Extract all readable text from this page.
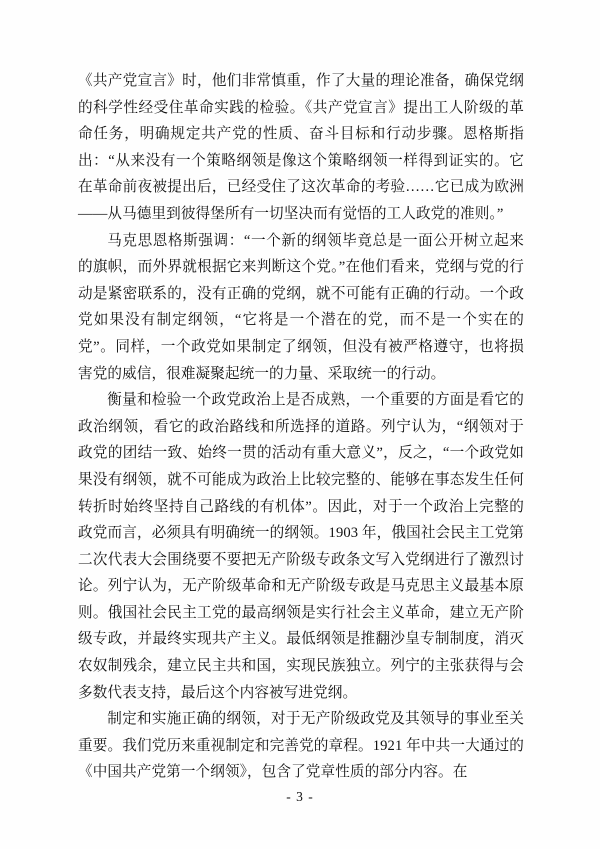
《共产党宣言》时，他们非常慎重，作了大量的理论准备，确保党纲的科学性经受住革命实践的检验。《共产党宣言》提出工人阶级的革命任务，明确规定共产党的性质、奋斗目标和行动步骤。恩格斯指出：“从来没有一个策略纲领是像这个策略纲领一样得到证实的。它在革命前夜被提出后，已经受住了这次革命的考验……它已成为欧洲——从马德里到彼得堡所有一切坚决而有觉悟的工人政党的准则。”

马克思恩格斯强调：“一个新的纲领毕竟总是一面公开树立起来的旗帜，而外界就根据它来判断这个党。”在他们看来，党纲与党的行动是紧密联系的，没有正确的党纲，就不可能有正确的行动。一个政党如果没有制定纲领，“它将是一个潜在的党，而不是一个实在的党”。同样，一个政党如果制定了纲领，但没有被严格遵守，也将损害党的威信，很难凝聚起统一的力量、采取统一的行动。

衡量和检验一个政党政治上是否成熟，一个重要的方面是看它的政治纲领，看它的政治路线和所选择的道路。列宁认为，“纲领对于政党的团结一致、始终一贯的活动有重大意义”，反之，“一个政党如果没有纲领，就不可能成为政治上比较完整的、能够在事态发生任何转折时始终坚持自己路线的有机体”。因此，对于一个政治上完整的政党而言，必须具有明确统一的纲领。1903 年，俄国社会民主工党第二次代表大会围绕要不要把无产阶级专政条文写入党纲进行了激烈讨论。列宁认为，无产阶级革命和无产阶级专政是马克思主义最基本原则。俄国社会民主工党的最高纲领是实行社会主义革命，建立无产阶级专政，并最终实现共产主义。最低纲领是推翻沙皇专制制度，消灭农奴制残余，建立民主共和国，实现民族独立。列宁的主张获得与会多数代表支持，最后这个内容被写进党纲。

制定和实施正确的纲领，对于无产阶级政党及其领导的事业至关重要。我们党历来重视制定和完善党的章程。1921 年中共一大通过的《中国共产党第一个纲领》，包含了党章性质的部分内容。在

- 3 -
